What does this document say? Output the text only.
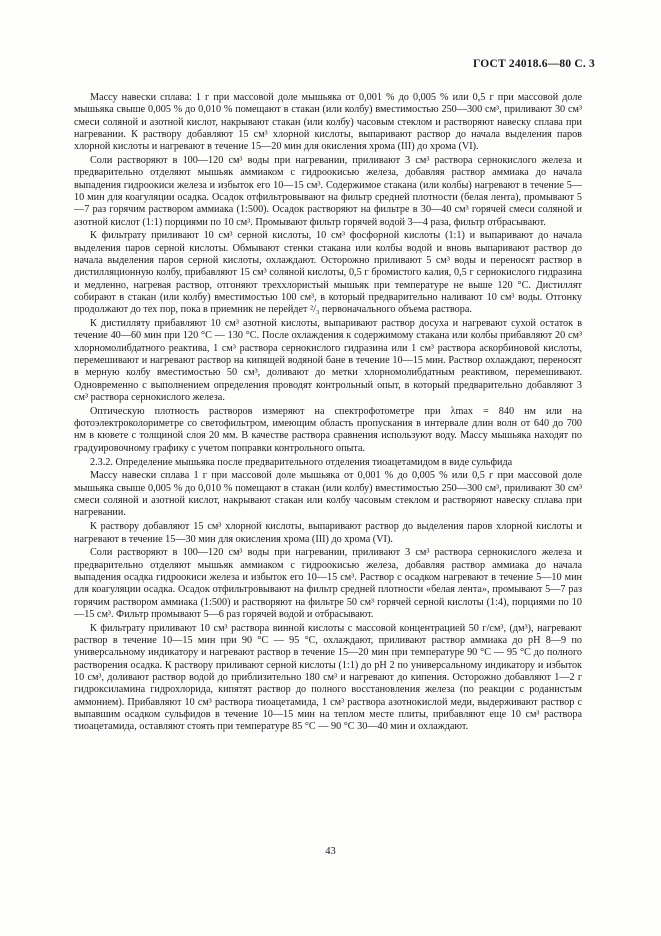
ГОСТ 24018.6—80 С. 3

Массу навески сплава: 1 г при массовой доле мышьяка от 0,001 % до 0,005 % или 0,5 г при массовой доле мышьяка свыше 0,005 % до 0,010 % помещают в стакан (или колбу) вместимостью 250—300 см³, приливают 30 см³ смеси соляной и азотной кислот, накрывают стакан (или колбу) часовым стеклом и растворяют навеску сплава при нагревании. К раствору добавляют 15 см³ хлорной кислоты, выпаривают раствор до начала выделения паров хлорной кислоты и нагревают в течение 15—20 мин для окисления хрома (III) до хрома (VI).

Соли растворяют в 100—120 см³ воды при нагревании, приливают 3 см³ раствора сернокислого железа и предварительно отделяют мышьяк аммиаком с гидроокисью железа, добавляя раствор аммиака до начала выпадения гидроокиси железа и избыток его 10—15 см³. Содержимое стакана (или колбы) нагревают в течение 5—10 мин для коагуляции осадка. Осадок отфильтровывают на фильтр средней плотности (белая лента), промывают 5—7 раз горячим раствором аммиака (1:500). Осадок растворяют на фильтре в 30—40 см³ горячей смеси соляной и азотной кислот (1:1) порциями по 10 см³. Промывают фильтр горячей водой 3—4 раза, фильтр отбрасывают.

К фильтрату приливают 10 см³ серной кислоты, 10 см³ фосфорной кислоты (1:1) и выпаривают до начала выделения паров серной кислоты. Обмывают стенки стакана или колбы водой и вновь выпаривают раствор до начала выделения паров серной кислоты, охлаждают. Осторожно приливают 5 см³ воды и переносят раствор в дистилляционную колбу, прибавляют 15 см³ соляной кислоты, 0,5 г бромистого калия, 0,5 г сернокислого гидразина и медленно, нагревая раствор, отгоняют треххлористый мышьяк при температуре не выше 120 °С. Дистиллят собирают в стакан (или колбу) вместимостью 100 см³, в который предварительно наливают 10 см³ воды. Отгонку продолжают до тех пор, пока в приемник не перейдет ²/₃ первоначального объема раствора.

К дистилляту прибавляют 10 см³ азотной кислоты, выпаривают раствор досуха и нагревают сухой остаток в течение 40—60 мин при 120 °С — 130 °С. После охлаждения к содержимому стакана или колбы прибавляют 20 см³ хлорномолибдатного реактива, 1 см³ раствора сернокислого гидразина или 1 см³ раствора аскорбиновой кислоты, перемешивают и нагревают раствор на кипящей водяной бане в течение 10—15 мин. Раствор охлаждают, переносят в мерную колбу вместимостью 50 см³, доливают до метки хлорномолибдатным реактивом, перемешивают. Одновременно с выполнением определения проводят контрольный опыт, в который предварительно добавляют 3 см³ раствора сернокислого железа.

Оптическую плотность растворов измеряют на спектрофотометре при λmax = 840 нм или на фотоэлектроколориметре со светофильтром, имеющим область пропускания в интервале длин волн от 640 до 700 нм в кювете с толщиной слоя 20 мм. В качестве раствора сравнения используют воду. Массу мышьяка находят по градуировочному графику с учетом поправки контрольного опыта.

2.3.2. Определение мышьяка после предварительного отделения тиоацетамидом в виде сульфида

Массу навески сплава 1 г при массовой доле мышьяка от 0,001 % до 0,005 % или 0,5 г при массовой доле мышьяка свыше 0,005 % до 0,010 % помещают в стакан (или колбу) вместимостью 250—300 см³, приливают 30 см³ смеси соляной и азотной кислот, накрывают стакан или колбу часовым стеклом и растворяют навеску сплава при нагревании.

К раствору добавляют 15 см³ хлорной кислоты, выпаривают раствор до выделения паров хлорной кислоты и нагревают в течение 15—30 мин для окисления хрома (III) до хрома (VI).

Соли растворяют в 100—120 см³ воды при нагревании, приливают 3 см³ раствора сернокислого железа и предварительно отделяют мышьяк аммиаком с гидроокисью железа, добавляя раствор аммиака до начала выпадения осадка гидроокиси железа и избыток его 10—15 см³. Раствор с осадком нагревают в течение 5—10 мин для коагуляции осадка. Осадок отфильтровывают на фильтр средней плотности «белая лента», промывают 5—7 раз горячим раствором аммиака (1:500) и растворяют на фильтре 50 см³ горячей серной кислоты (1:4), порциями по 10—15 см³. Фильтр промывают 5—6 раз горячей водой и отбрасывают.

К фильтрату приливают 10 см³ раствора винной кислоты с массовой концентрацией 50 г/см³, (дм³), нагревают раствор в течение 10—15 мин при 90 °С — 95 °С, охлаждают, приливают раствор аммиака до рН 8—9 по универсальному индикатору и нагревают раствор в течение 15—20 мин при температуре 90 °С — 95 °С до полного растворения осадка. К раствору приливают серной кислоты (1:1) до рН 2 по универсальному индикатору и избыток 10 см³, доливают раствор водой до приблизительно 180 см³ и нагревают до кипения. Осторожно добавляют 1—2 г гидроксиламина гидрохлорида, кипятят раствор до полного восстановления железа (по реакции с роданистым аммонием). Прибавляют 10 см³ раствора тиоацетамида, 1 см³ раствора азотнокислой меди, выдерживают раствор с выпавшим осадком сульфидов в течение 10—15 мин на теплом месте плиты, прибавляют еще 10 см³ раствора тиоацетамида, оставляют стоять при температуре 85 °С — 90 °С 30—40 мин и охлаждают.

43
